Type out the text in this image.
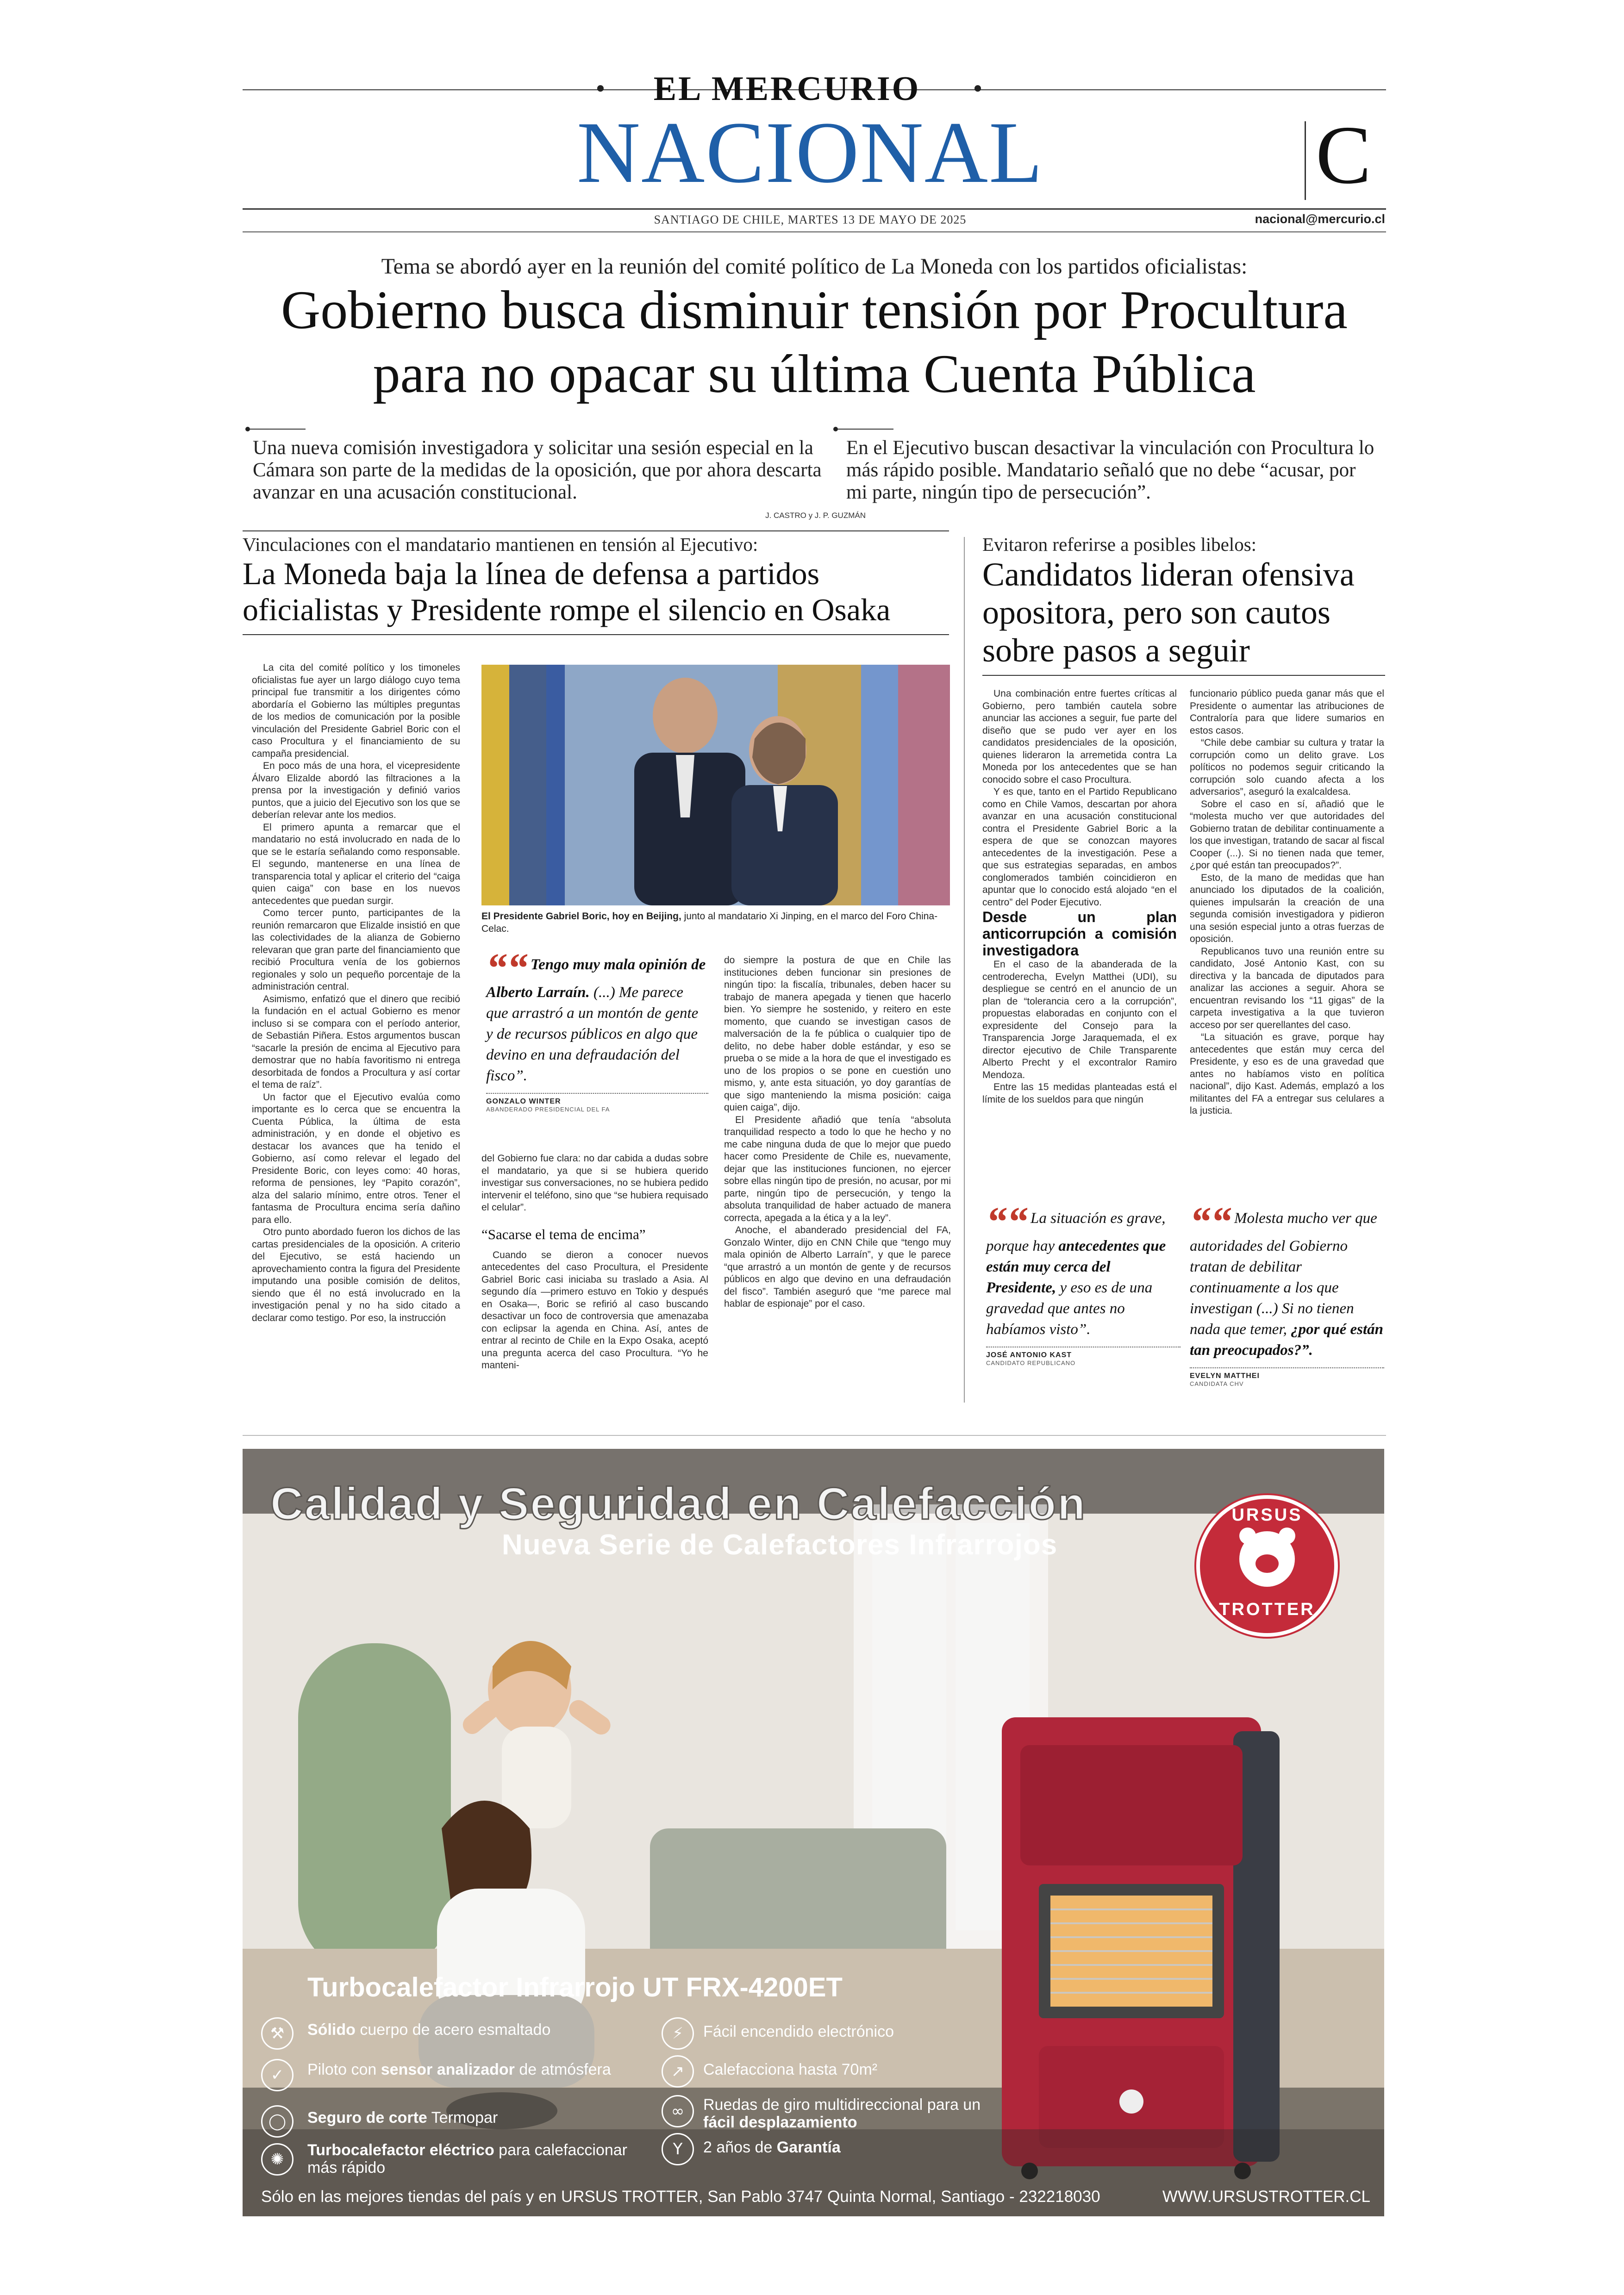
EL MERCURIO
NACIONAL	C
SANTIAGO DE CHILE, MARTES 13 DE MAYO DE 2025	nacional@mercurio.cl
Tema se abordó ayer en la reunión del comité político de La Moneda con los partidos oficialistas:
Gobierno busca disminuir tensión por Procultura
para no opacar su última Cuenta Pública
Una nueva comisión investigadora y solicitar una sesión especial en la Cámara son parte de la medidas de la oposición, que por ahora descarta avanzar en una acusación constitucional.
En el Ejecutivo buscan desactivar la vinculación con Procultura lo más rápido posible. Mandatario señaló que no debe “acusar, por mi parte, ningún tipo de persecución”.
J. CASTRO y J. P. GUZMÁN
Vinculaciones con el mandatario mantienen en tensión al Ejecutivo:
La Moneda baja la línea de defensa a partidos
oficialistas y Presidente rompe el silencio en Osaka

La cita del comité político y los timoneles oficialistas fue ayer un largo diálogo cuyo tema principal fue transmitir a los dirigentes cómo abordaría el Gobierno las múltiples preguntas de los medios de comunicación por la posible vinculación del Presidente Gabriel Boric con el caso Procultura y el financiamiento de su campaña presidencial.

En poco más de una hora, el vicepresidente Álvaro Elizalde abordó las filtraciones a la prensa por la investigación y definió varios puntos, que a juicio del Ejecutivo son los que se deberían relevar ante los medios.

El primero apunta a remarcar que el mandatario no está involucrado en nada de lo que se le estaría señalando como responsable. El segundo, mantenerse en una línea de transparencia total y aplicar el criterio del “caiga quien caiga” con base en los nuevos antecedentes que puedan surgir.

Como tercer punto, participantes de la reunión remarcaron que Elizalde insistió en que las colectividades de la alianza de Gobierno relevaran que gran parte del financiamiento que recibió Procultura venía de los gobiernos regionales y solo un pequeño porcentaje de la administración central.

Asimismo, enfatizó que el dinero que recibió la fundación en el actual Gobierno es menor incluso si se compara con el período anterior, de Sebastián Piñera. Estos argumentos buscan “sacarle la presión de encima al Ejecutivo para demostrar que no había favoritismo ni entrega desorbitada de fondos a Procultura y así cortar el tema de raíz”.

Un factor que el Ejecutivo evalúa como importante es lo cerca que se encuentra la Cuenta Pública, la última de esta administración, y en donde el objetivo es destacar los avances que ha tenido el Gobierno, así como relevar el legado del Presidente Boric, con leyes como: 40 horas, reforma de pensiones, ley “Papito corazón”, alza del salario mínimo, entre otros. Tener el fantasma de Procultura encima sería dañino para ello.

Otro punto abordado fueron los dichos de las cartas presidenciales de la oposición. A criterio del Ejecutivo, se está haciendo un aprovechamiento contra la figura del Presidente imputando una posible comisión de delitos, siendo que él no está involucrado en la investigación penal y no ha sido citado a declarar como testigo. Por eso, la instrucción

El Presidente Gabriel Boric, hoy en Beijing, junto al mandatario Xi Jinping, en el marco del Foro China-Celac.
““ Tengo muy mala opinión de Alberto Larraín. (...) Me parece que arrastró a un montón de gente y de recursos públicos en algo que devino en una defraudación del fisco”.
GONZALO WINTER
ABANDERADO PRESIDENCIAL DEL FA

del Gobierno fue clara: no dar cabida a dudas sobre el mandatario, ya que si se hubiera querido investigar sus conversaciones, no se hubiera pedido intervenir el teléfono, sino que “se hubiera requisado el celular”.

“Sacarse el tema de encima”

Cuando se dieron a conocer nuevos antecedentes del caso Procultura, el Presidente Gabriel Boric casi iniciaba su traslado a Asia. Al segundo día —primero estuvo en Tokio y después en Osaka—, Boric se refirió al caso buscando desactivar un foco de controversia que amenazaba con eclipsar la agenda en China. Así, antes de entrar al recinto de Chile en la Expo Osaka, aceptó una pregunta acerca del caso Procultura. “Yo he manteni-

do siempre la postura de que en Chile las instituciones deben funcionar sin presiones de ningún tipo: la fiscalía, tribunales, deben hacer su trabajo de manera apegada y tienen que hacerlo bien. Yo siempre he sostenido, y reitero en este momento, que cuando se investigan casos de malversación de la fe pública o cualquier tipo de delito, no debe haber doble estándar, y eso se prueba o se mide a la hora de que el investigado es uno de los propios o se pone en cuestión uno mismo, y, ante esta situación, yo doy garantías de que sigo manteniendo la misma posición: caiga quien caiga”, dijo.

El Presidente añadió que tenía “absoluta tranquilidad respecto a todo lo que he hecho y no me cabe ninguna duda de que lo mejor que puedo hacer como Presidente de Chile es, nuevamente, dejar que las instituciones funcionen, no ejercer sobre ellas ningún tipo de presión, no acusar, por mi parte, ningún tipo de persecución, y tengo la absoluta tranquilidad de haber actuado de manera correcta, apegada a la ética y a la ley”.

Anoche, el abanderado presidencial del FA, Gonzalo Winter, dijo en CNN Chile que “tengo muy mala opinión de Alberto Larraín”, y que le parece “que arrastró a un montón de gente y de recursos públicos en algo que devino en una defraudación del fisco”. También aseguró que “me parece mal hablar de espionaje” por el caso.

Evitaron referirse a posibles libelos:
Candidatos lideran ofensiva
opositora, pero son cautos
sobre pasos a seguir

Una combinación entre fuertes críticas al Gobierno, pero también cautela sobre anunciar las acciones a seguir, fue parte del diseño que se pudo ver ayer en los candidatos presidenciales de la oposición, quienes lideraron la arremetida contra La Moneda por los antecedentes que se han conocido sobre el caso Procultura.

Y es que, tanto en el Partido Republicano como en Chile Vamos, descartan por ahora avanzar en una acusación constitucional contra el Presidente Gabriel Boric a la espera de que se conozcan mayores antecedentes de la investigación. Pese a que sus estrategias separadas, en ambos conglomerados también coincidieron en apuntar que lo conocido está alojado “en el centro” del Poder Ejecutivo.

Desde un plan anticorrupción a comisión investigadora

En el caso de la abanderada de la centroderecha, Evelyn Matthei (UDI), su despliegue se centró en el anuncio de un plan de “tolerancia cero a la corrupción”, propuestas elaboradas en conjunto con el expresidente del Consejo para la Transparencia Jorge Jaraquemada, el ex director ejecutivo de Chile Transparente Alberto Precht y el excontralor Ramiro Mendoza.

Entre las 15 medidas planteadas está el límite de los sueldos para que ningún

funcionario público pueda ganar más que el Presidente o aumentar las atribuciones de Contraloría para que lidere sumarios en estos casos.

“Chile debe cambiar su cultura y tratar la corrupción como un delito grave. Los políticos no podemos seguir criticando la corrupción solo cuando afecta a los adversarios”, aseguró la exalcaldesa.

Sobre el caso en sí, añadió que le “molesta mucho ver que autoridades del Gobierno tratan de debilitar continuamente a los que investigan, tratando de sacar al fiscal Cooper (...). Si no tienen nada que temer, ¿por qué están tan preocupados?”.

Esto, de la mano de medidas que han anunciado los diputados de la coalición, quienes impulsarán la creación de una segunda comisión investigadora y pidieron una sesión especial junto a otras fuerzas de oposición.

Republicanos tuvo una reunión entre su candidato, José Antonio Kast, con su directiva y la bancada de diputados para analizar las acciones a seguir. Ahora se encuentran revisando los “11 gigas” de la carpeta investigativa a la que tuvieron acceso por ser querellantes del caso.

“La situación es grave, porque hay antecedentes que están muy cerca del Presidente, y eso es de una gravedad que antes no habíamos visto en política nacional”, dijo Kast. Además, emplazó a los militantes del FA a entregar sus celulares a la justicia.

““ La situación es grave, porque hay antecedentes que están muy cerca del Presidente, y eso es de una gravedad que antes no habíamos visto”.
JOSÉ ANTONIO KAST
CANDIDATO REPUBLICANO
““ Molesta mucho ver que autoridades del Gobierno tratan de debilitar continuamente a los que investigan (...) Si no tienen nada que temer, ¿por qué están tan preocupados?”.
EVELYN MATTHEI
CANDIDATA CHV
Calidad y Seguridad en Calefacción
Nueva Serie de Calefactores Infrarrojos
URSUS
TROTTER
Turbocalefactor Infrarrojo UT FRX-4200ET
⚒	Sólido cuerpo de acero esmaltado
✓	Piloto con sensor analizador de atmósfera
◯	Seguro de corte Termopar
✺	Turbocalefactor eléctrico para calefaccionar más rápido
⚡	Fácil encendido electrónico
↗	Calefacciona hasta 70m²
∞	Ruedas de giro multidireccional para un fácil desplazamiento
Y	2 años de Garantía
Sólo en las mejores tiendas del país y en URSUS TROTTER, San Pablo 3747 Quinta Normal, Santiago - 232218030	WWW.URSUSTROTTER.CL
